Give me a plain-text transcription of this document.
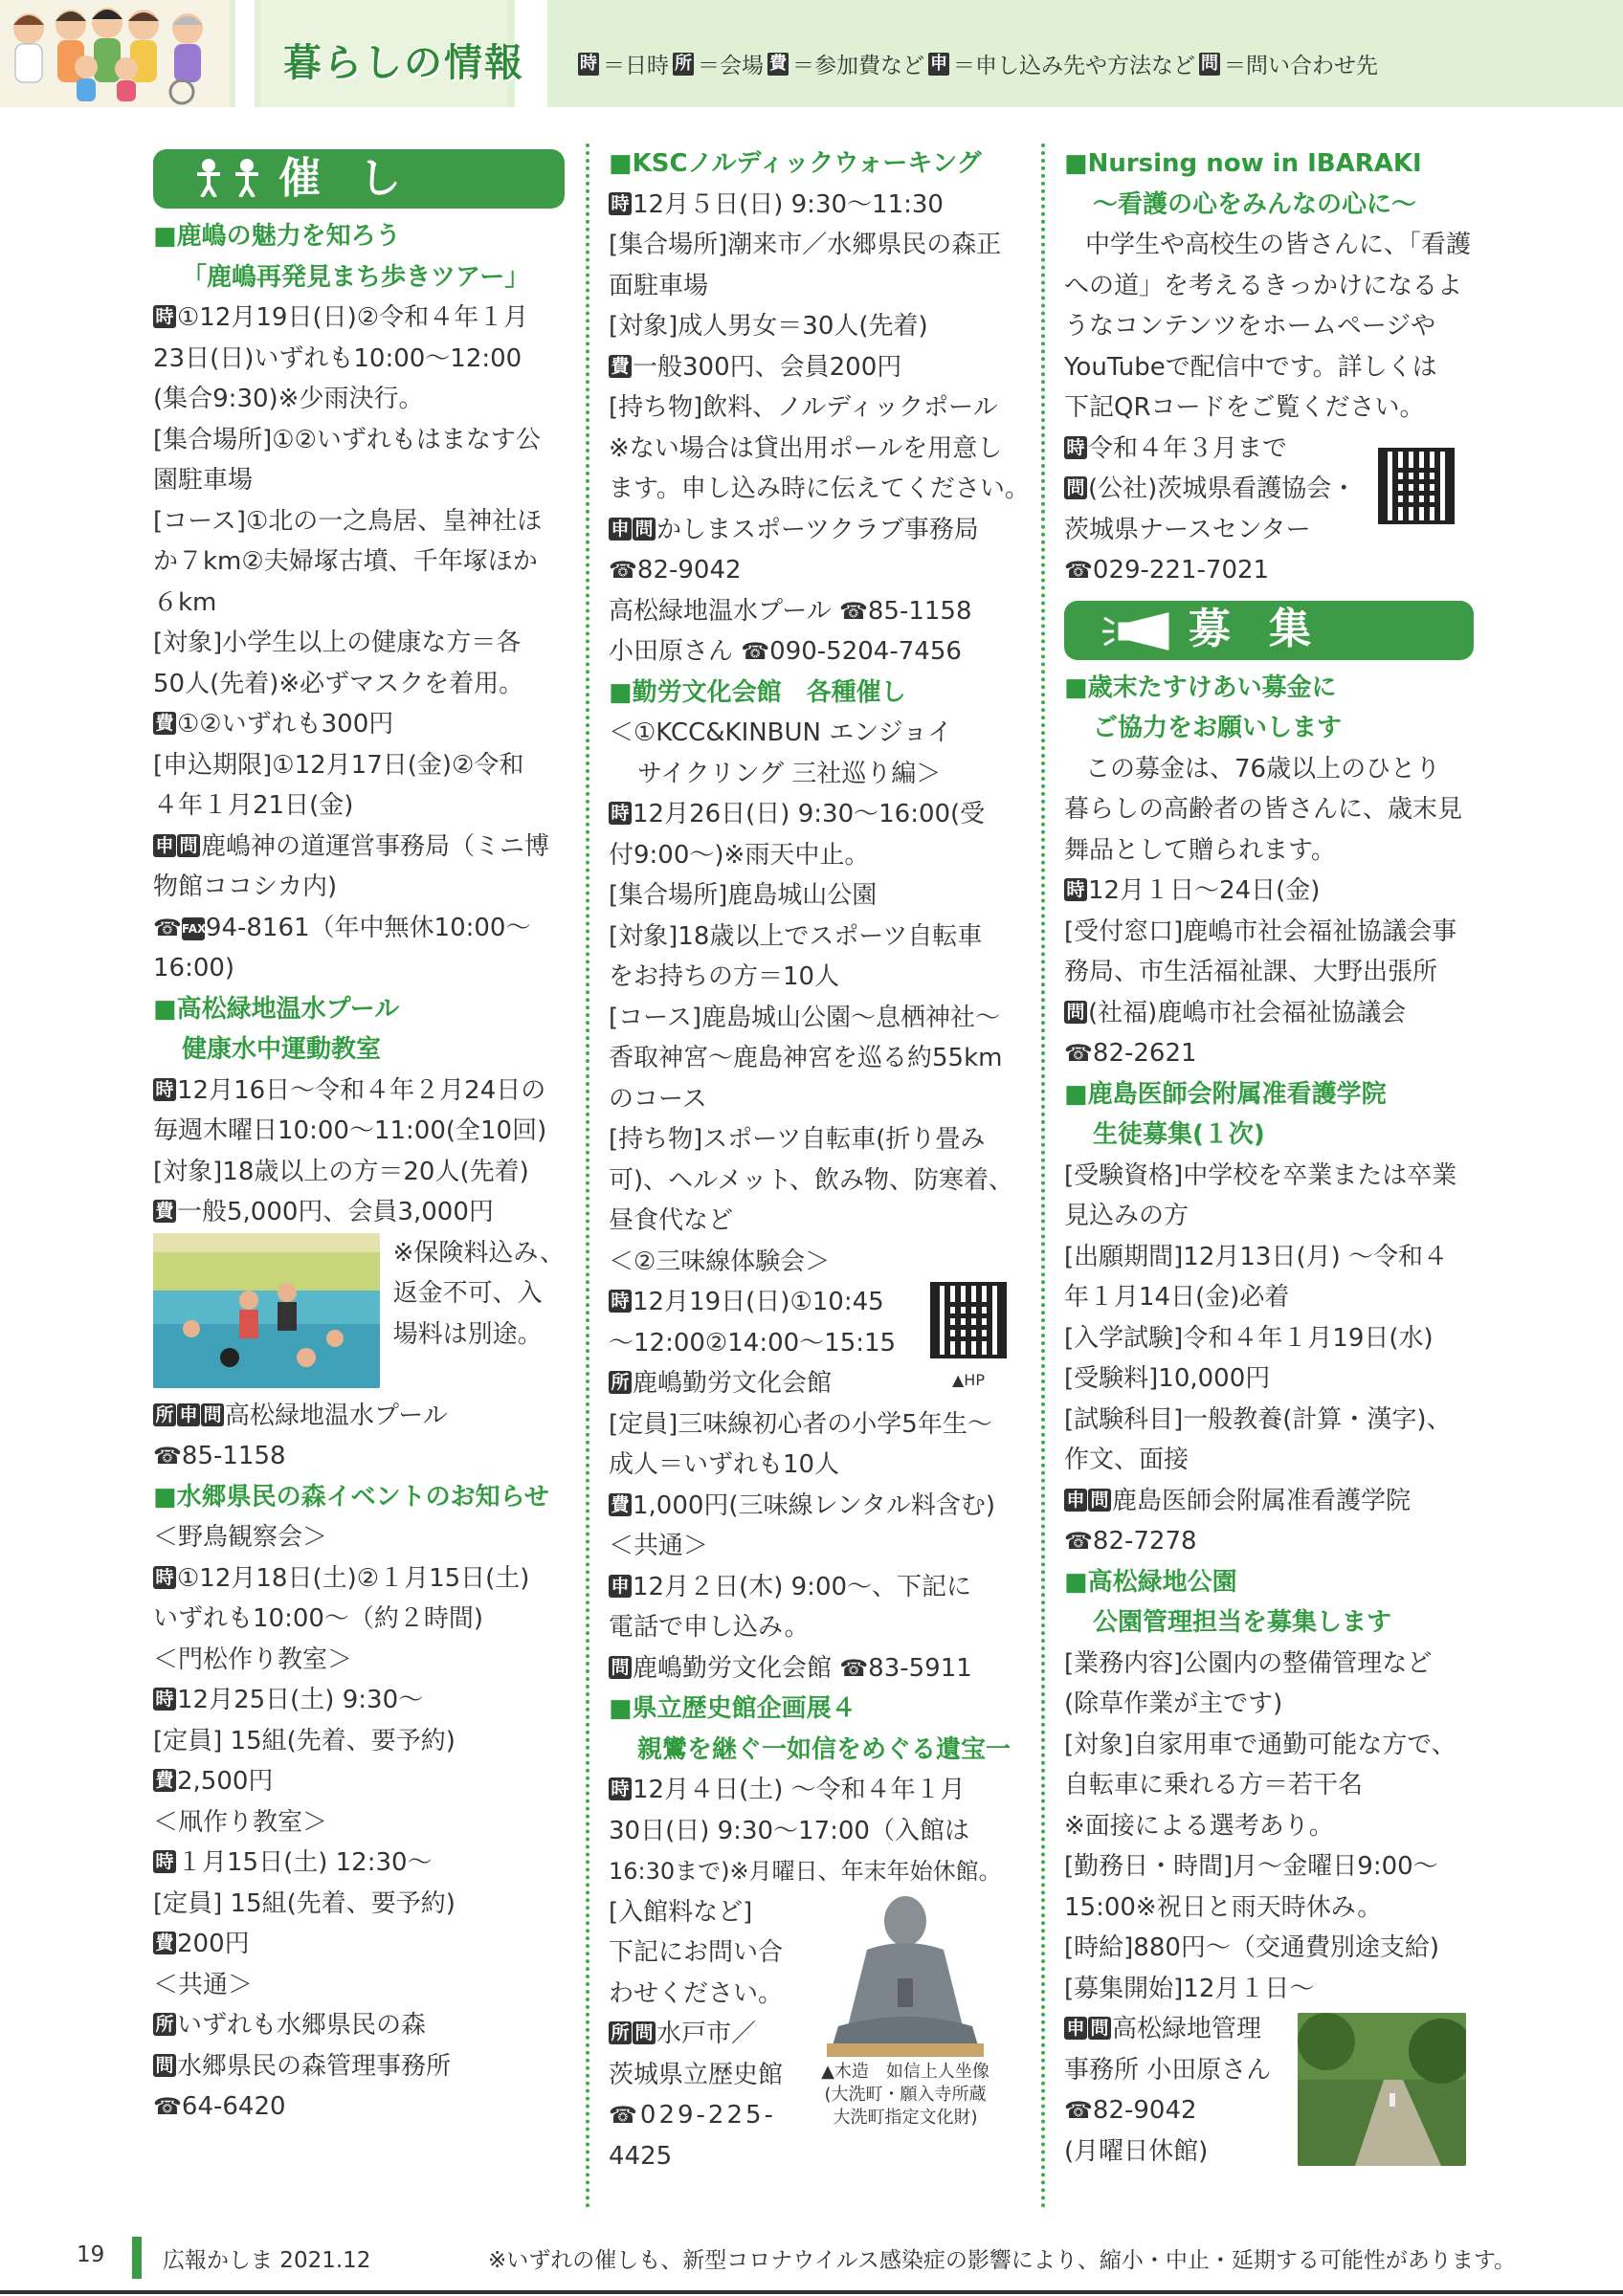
暮らしの情報	時 ＝日時 所 ＝会場 費 ＝参加費など 申 ＝申し込み先や方法など 問 ＝問い合わせ先
催し
■鹿嶋の魅力を知ろう
「鹿嶋再発見まち歩きツアー」
時 ①12月19日(日)②令和４年１月
23日(日)いずれも10:00～12:00
(集合9:30)※少雨決行。
[集合場所]①②いずれもはまなす公
園駐車場
[コース]①北の一之鳥居、皇神社ほ
か７km②夫婦塚古墳、千年塚ほか
６km
[対象]小学生以上の健康な方＝各
50人(先着)※必ずマスクを着用。
費 ①②いずれも300円
[申込期限]①12月17日(金)②令和
４年１月21日(金)
申 問 鹿嶋神の道運営事務局（ミニ博
物館ココシカ内)
☎FAX94-8161（年中無休10:00～
16:00)
■高松緑地温水プール
健康水中運動教室
時 12月16日～令和４年２月24日の
毎週木曜日10:00～11:00(全10回)
[対象]18歳以上の方＝20人(先着)
費 一般5,000円、会員3,000円
※保険料込み、
返金不可、入
場料は別途。
所 申 問 高松緑地温水プール
☎85-1158
■水郷県民の森イベントのお知らせ
＜野鳥観察会＞
時 ①12月18日(土)②１月15日(土)
いずれも10:00～（約２時間)
＜門松作り教室＞
時 12月25日(土) 9:30～
[定員] 15組(先着、要予約)
費 2,500円
＜凧作り教室＞
時 １月15日(土) 12:30～
[定員] 15組(先着、要予約)
費 200円
＜共通＞
所 いずれも水郷県民の森
問 水郷県民の森管理事務所
☎64-6420
■KSCノルディックウォーキング
時 12月５日(日) 9:30～11:30
[集合場所]潮来市／水郷県民の森正
面駐車場
[対象]成人男女＝30人(先着)
費 一般300円、会員200円
[持ち物]飲料、ノルディックポール
※ない場合は貸出用ポールを用意し
ます。申し込み時に伝えてください。
申 問 かしまスポーツクラブ事務局
☎82-9042
高松緑地温水プール ☎85-1158
小田原さん ☎090-5204-7456
■勤労文化会館　各種催し
＜①KCC&KINBUN エンジョイ
サイクリング 三社巡り編＞
時 12月26日(日) 9:30～16:00(受
付9:00～)※雨天中止。
[集合場所]鹿島城山公園
[対象]18歳以上でスポーツ自転車
をお持ちの方＝10人
[コース]鹿島城山公園～息栖神社～
香取神宮～鹿島神宮を巡る約55km
のコース
[持ち物]スポーツ自転車(折り畳み
可)、ヘルメット、飲み物、防寒着、
昼食代など
＜②三味線体験会＞
時 12月19日(日)①10:45
～12:00②14:00～15:15
▲HP
所 鹿嶋勤労文化会館
[定員]三味線初心者の小学5年生～
成人＝いずれも10人
費 1,000円(三味線レンタル料含む)
＜共通＞
申 12月２日(木) 9:00～、下記に
電話で申し込み。
問 鹿嶋勤労文化会館 ☎83-5911
■県立歴史館企画展４
親鸞を継ぐ一如信をめぐる遺宝一
時 12月４日(土) ～令和４年１月
30日(日) 9:30～17:00（入館は
16:30まで)※月曜日、年末年始休館。
[入館料など]
下記にお問い合
わせください。
所 問 水戸市／
茨城県立歴史館
☎029-225-
4425
▲木造　如信上人坐像
(大洗町・願入寺所蔵
大洗町指定文化財)
■Nursing now in IBARAKI
～看護の心をみんなの心に～
中学生や高校生の皆さんに、「看護
への道」を考えるきっかけになるよ
うなコンテンツをホームページや
YouTubeで配信中です。詳しくは
下記QRコードをご覧ください。
時 令和４年３月まで
問 (公社)茨城県看護協会・
茨城県ナースセンター
☎029-221-7021
募集
■歳末たすけあい募金に
ご協力をお願いします
この募金は、76歳以上のひとり
暮らしの高齢者の皆さんに、歳末見
舞品として贈られます。
時 12月１日～24日(金)
[受付窓口]鹿嶋市社会福祉協議会事
務局、市生活福祉課、大野出張所
問 (社福)鹿嶋市社会福祉協議会
☎82-2621
■鹿島医師会附属准看護学院
生徒募集(１次)
[受験資格]中学校を卒業または卒業
見込みの方
[出願期間]12月13日(月) ～令和４
年１月14日(金)必着
[入学試験]令和４年１月19日(水)
[受験料]10,000円
[試験科目]一般教養(計算・漢字)、
作文、面接
申 問 鹿島医師会附属准看護学院
☎82-7278
■高松緑地公園
公園管理担当を募集します
[業務内容]公園内の整備管理など
(除草作業が主です)
[対象]自家用車で通勤可能な方で、
自転車に乗れる方＝若干名
※面接による選考あり。
[勤務日・時間]月～金曜日9:00～
15:00※祝日と雨天時休み。
[時給]880円～（交通費別途支給)
[募集開始]12月１日～
申 問 高松緑地管理
事務所 小田原さん
☎82-9042
(月曜日休館)
19	広報かしま 2021.12	※いずれの催しも、新型コロナウイルス感染症の影響により、縮小・中止・延期する可能性があります。
